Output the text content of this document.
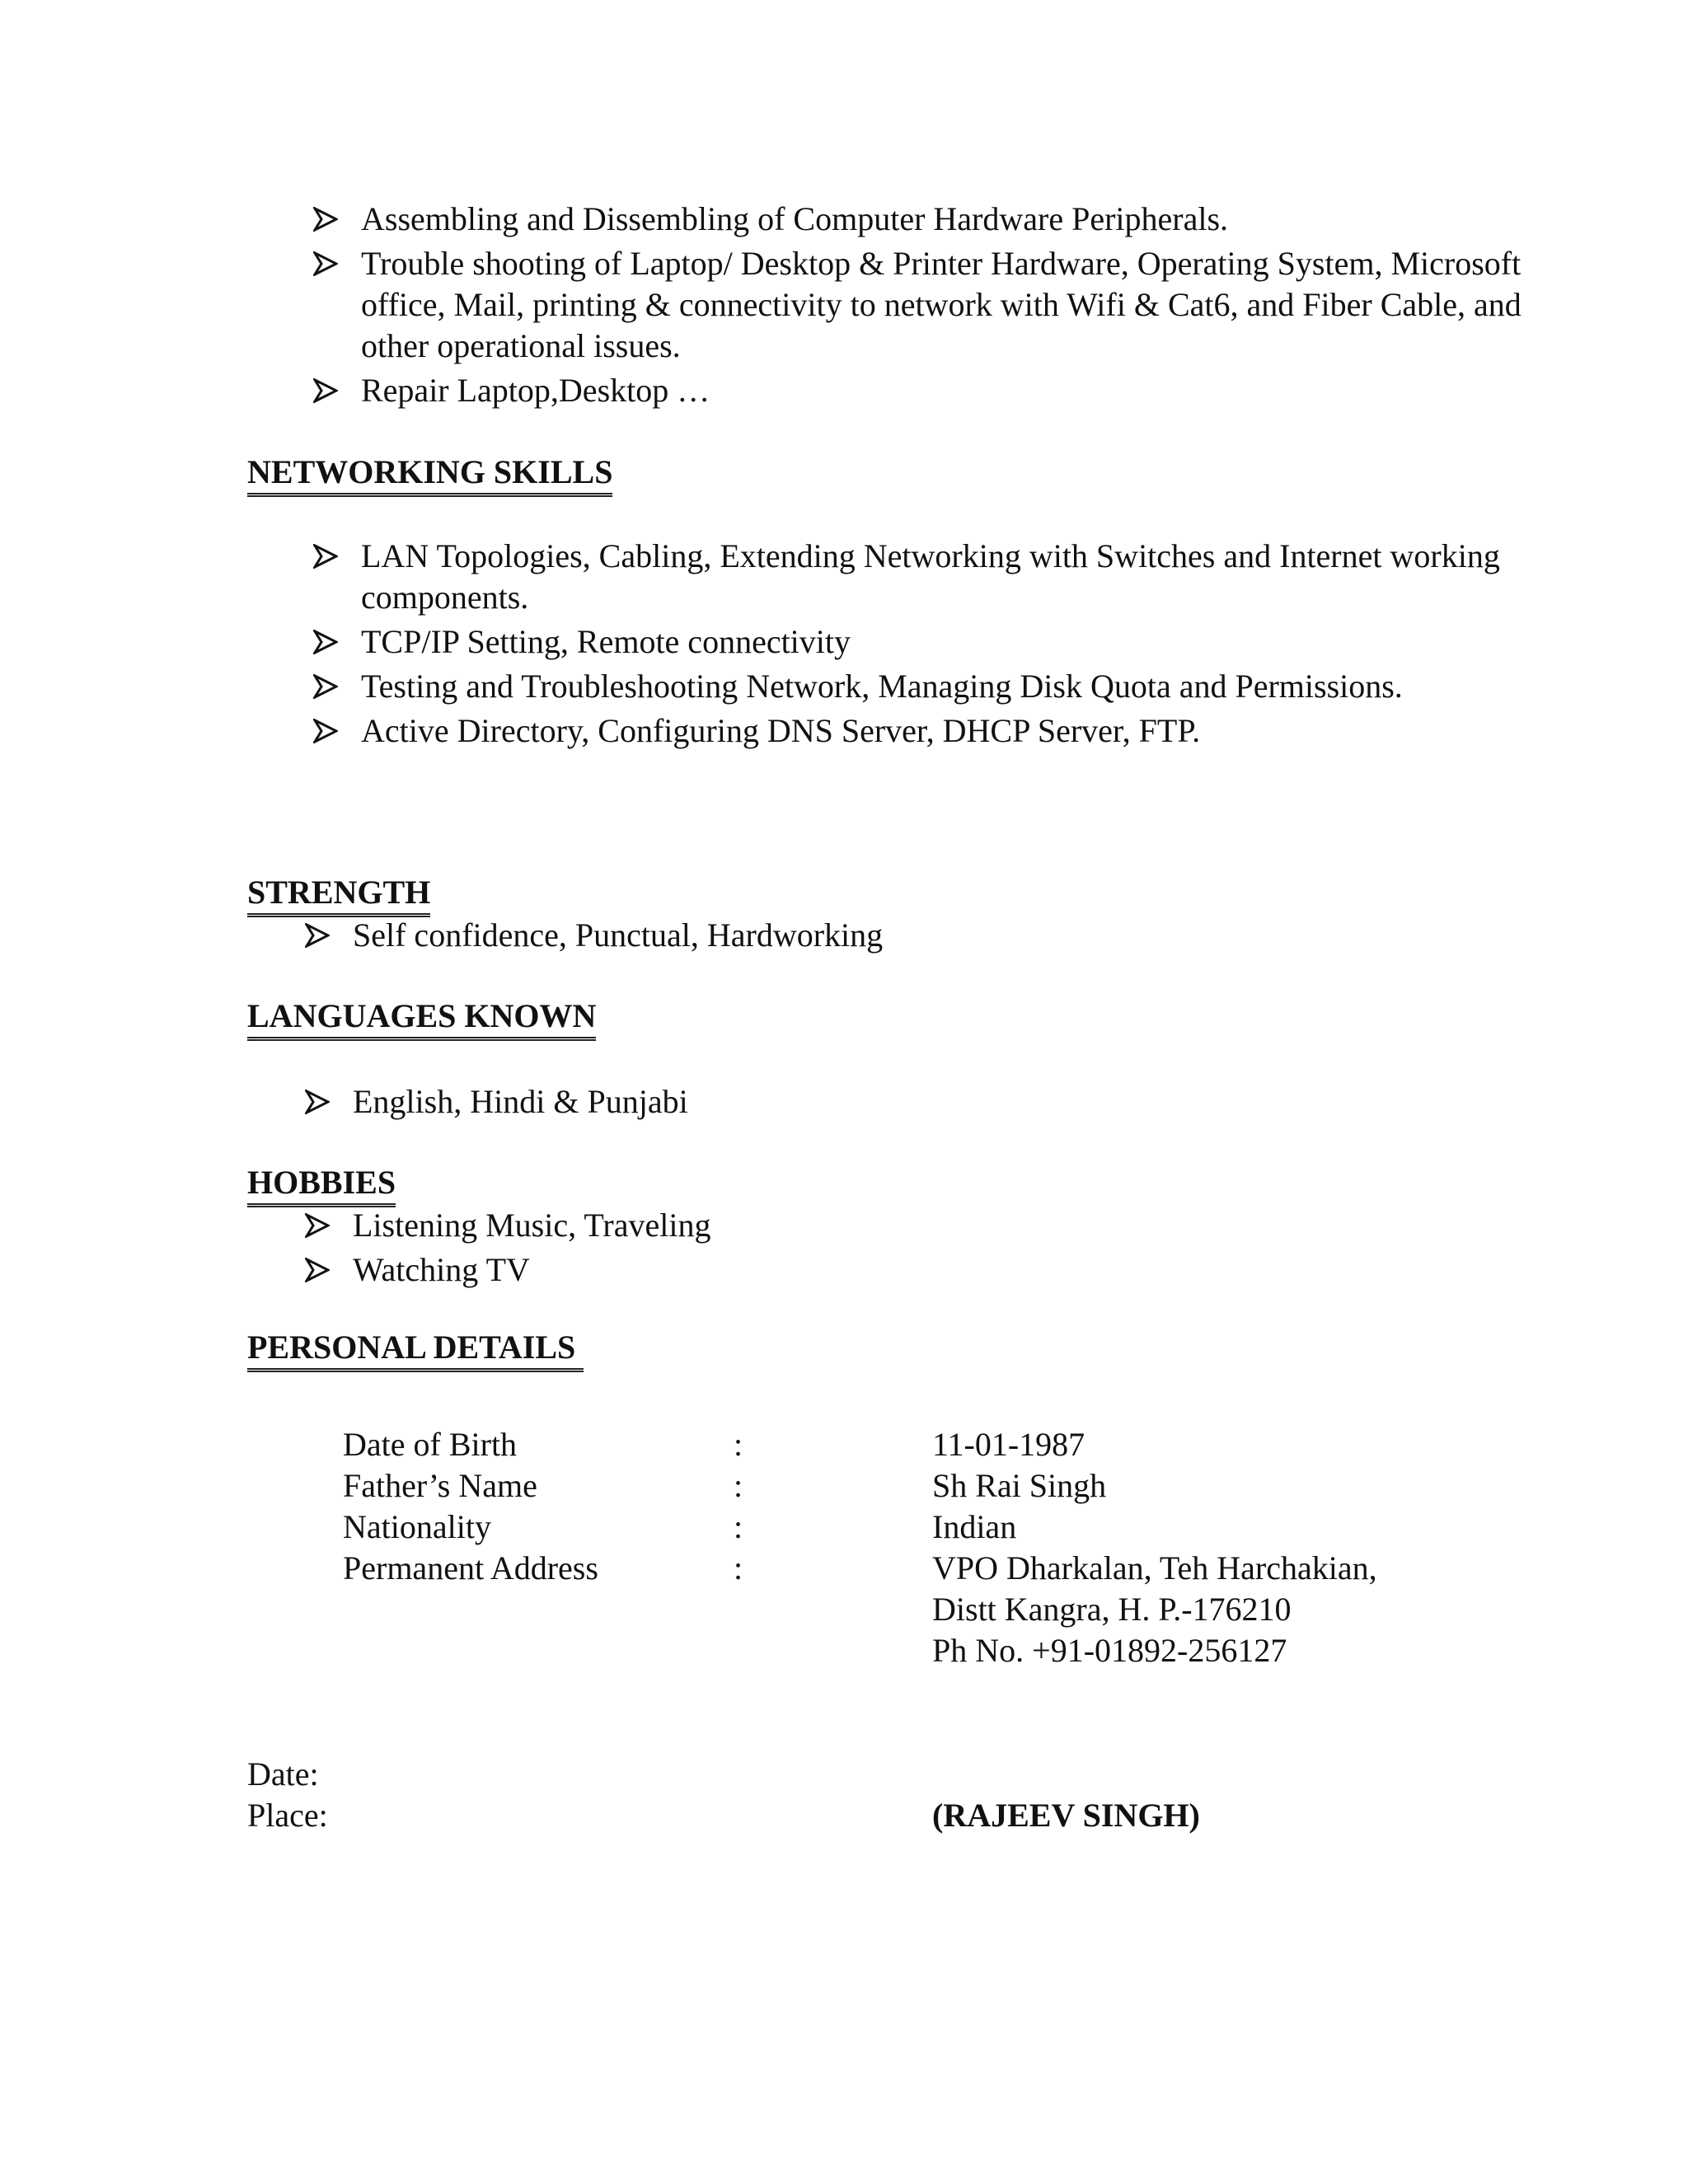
Assembling and Dissembling of Computer Hardware Peripherals.
Trouble shooting of Laptop/ Desktop & Printer Hardware, Operating System, Microsoft office, Mail, printing & connectivity to network with Wifi & Cat6, and Fiber Cable, and other operational issues.
Repair Laptop,Desktop …
NETWORKING SKILLS
LAN Topologies, Cabling, Extending Networking with Switches and Internet working components.
TCP/IP Setting, Remote connectivity
Testing and Troubleshooting Network, Managing Disk Quota and Permissions.
Active Directory, Configuring DNS Server, DHCP Server, FTP.
STRENGTH
Self confidence, Punctual, Hardworking
LANGUAGES KNOWN
English, Hindi & Punjabi
HOBBIES
Listening Music, Traveling
Watching TV
PERSONAL DETAILS
Date of Birth	:	11-01-1987
Father’s Name	:	Sh Rai Singh
Nationality	:	Indian
Permanent Address	:	VPO Dharkalan, Teh Harchakian,
Distt Kangra, H. P.-176210
Ph No. +91-01892-256127
Date:
Place:	(RAJEEV SINGH)
